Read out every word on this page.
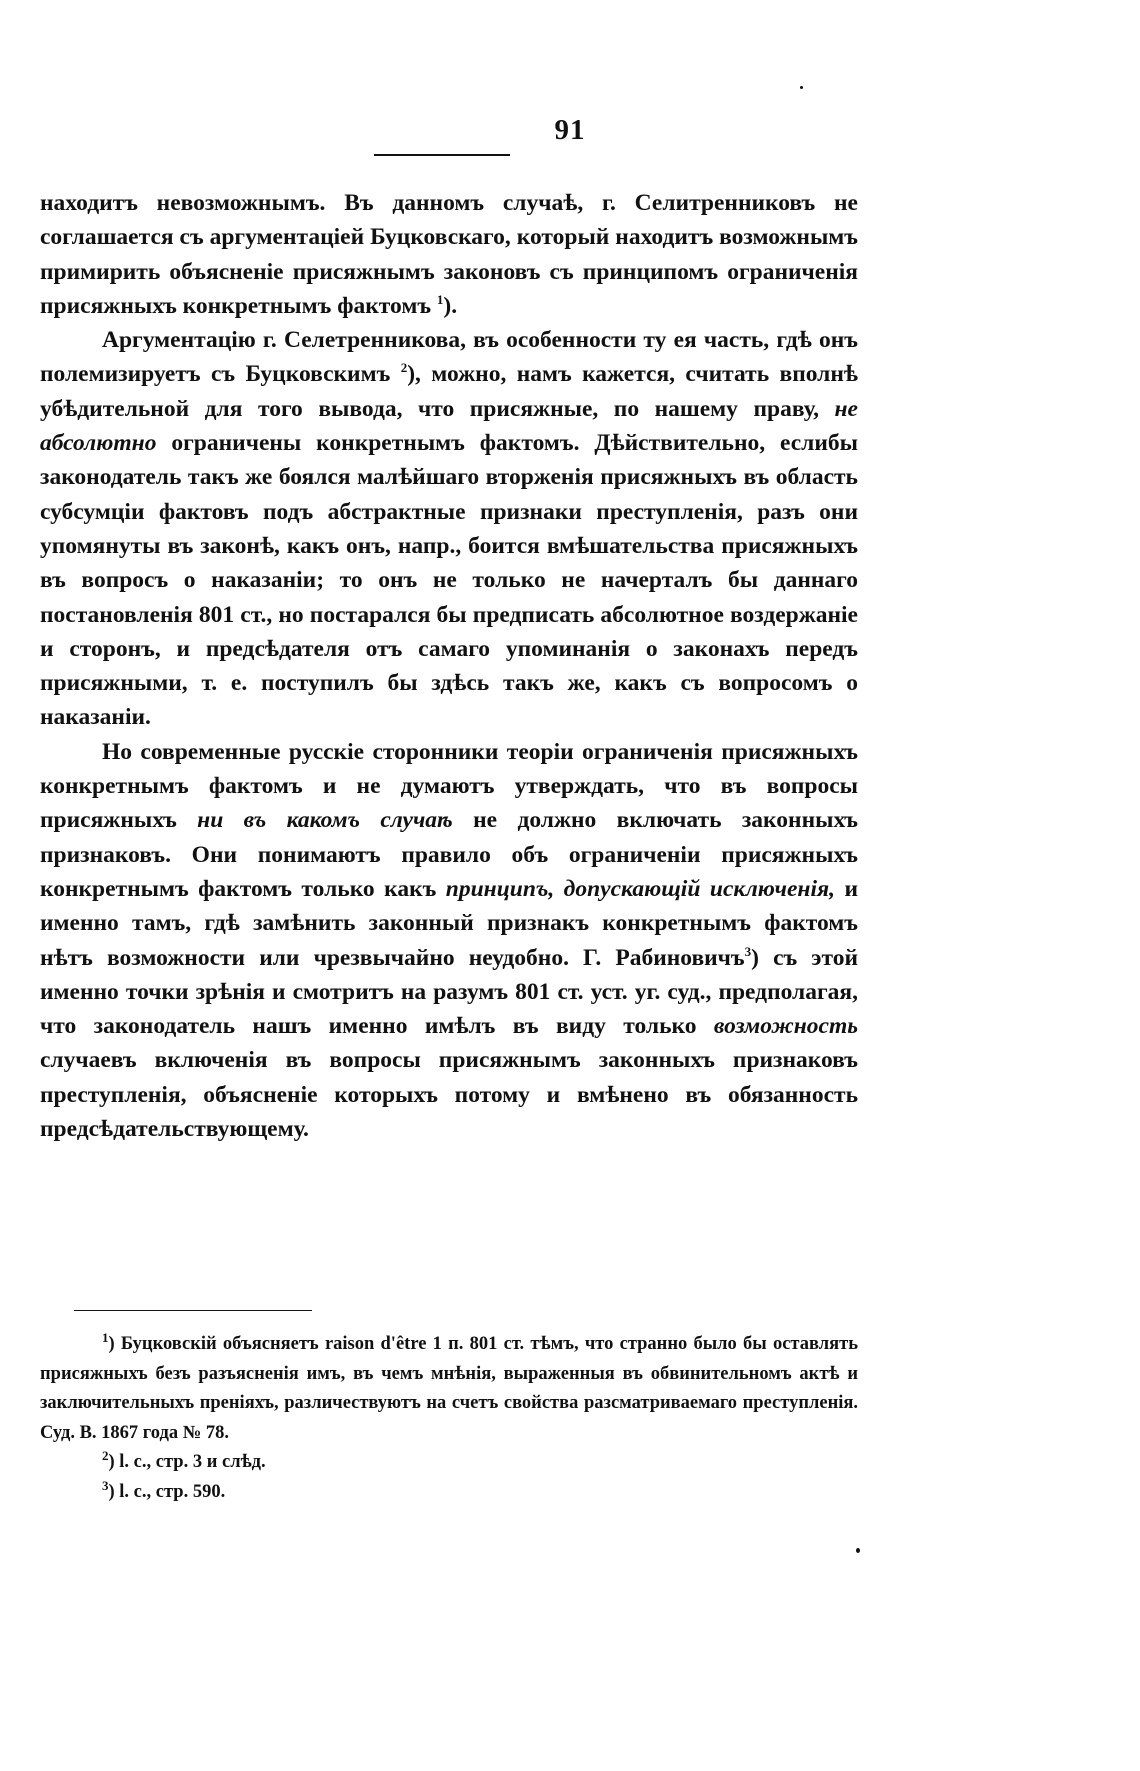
91

находитъ невозможнымъ. Въ данномъ случаѣ, г. Селитренниковъ не соглашается съ аргументаціей Буцковскаго, который находитъ возможнымъ примирить объясненіе присяжнымъ законовъ съ принципомъ ограниченія присяжныхъ конкретнымъ фактомъ $^1$).

Аргументацію г. Селетренникова, въ особенности ту ея часть, гдѣ онъ полемизируетъ съ Буцковскимъ $^2$), можно, намъ кажется, считать вполнѣ убѣдительной для того вывода, что присяжные, по нашему праву, не абсолютно ограничены конкретнымъ фактомъ. Дѣйствительно, еслибы законодатель такъ же боялся малѣйшаго вторженія присяжныхъ въ область субсумціи фактовъ подъ абстрактные признаки преступленія, разъ они упомянуты въ законѣ, какъ онъ, напр., боится вмѣшательства присяжныхъ въ вопросъ о наказаніи; то онъ не только не начерталъ бы даннаго постановленія 801 ст., но постарался бы предписать абсолютное воздержаніе и сторонъ, и предсѣдателя отъ самаго упоминанія о законахъ передъ присяжными, т. е. поступилъ бы здѣсь такъ же, какъ съ вопросомъ о наказаніи.

Но современные русскіе сторонники теоріи ограниченія присяжныхъ конкретнымъ фактомъ и не думаютъ утверждать, что въ вопросы присяжныхъ ни въ какомъ случаѣ не должно включать законныхъ признаковъ. Они понимаютъ правило объ ограниченіи присяжныхъ конкретнымъ фактомъ только какъ принципъ, допускающій исключенія, и именно тамъ, гдѣ замѣнить законный признакъ конкретнымъ фактомъ нѣтъ возможности или чрезвычайно неудобно. Г. Рабиновичъ$^3$) съ этой именно точки зрѣнія и смотритъ на разумъ 801 ст. уст. уг. суд., предполагая, что законодатель нашъ именно имѣлъ въ виду только возможность случаевъ включенія въ вопросы присяжнымъ законныхъ признаковъ преступленія, объясненіе которыхъ потому и вмѣнено въ обязанность предсѣдательствующему.

$^1$) Буцковскій объясняетъ raison d'être 1 п. 801 ст. тѣмъ, что странно было бы оставлять присяжныхъ безъ разъясненія имъ, въ чемъ мнѣнія, выраженныя въ обвинительномъ актѣ и заключительныхъ преніяхъ, различествуютъ на счетъ свойства разсматриваемаго преступленія. Суд. В. 1867 года № 78.

$^2$) l. c., стр. 3 и слѣд.

$^3$) l. c., стр. 590.
